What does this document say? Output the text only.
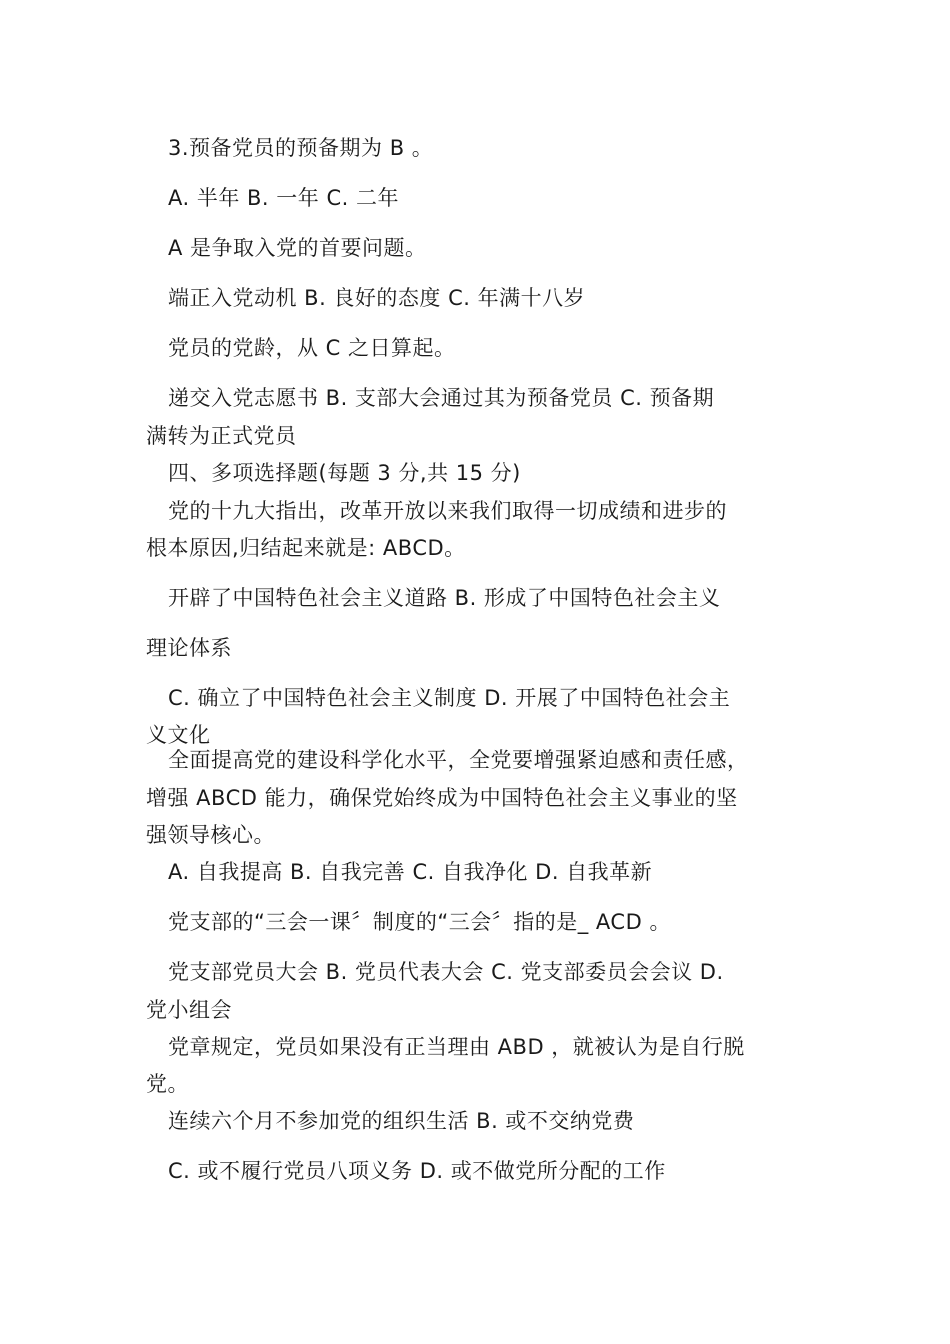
3.预备党员的预备期为 B 。
A. 半年 B. 一年 C. 二年
A 是争取入党的首要问题。
端正入党动机 B. 良好的态度 C. 年满十八岁
党员的党龄，从 C 之日算起。
递交入党志愿书 B. 支部大会通过其为预备党员 C. 预备期
满转为正式党员
四、多项选择题(每题 3 分,共 15 分)
党的十九大指出，改革开放以来我们取得一切成绩和进步的
根本原因,归结起来就是: ABCD。
开辟了中国特色社会主义道路 B. 形成了中国特色社会主义
理论体系
C. 确立了中国特色社会主义制度 D. 开展了中国特色社会主
义文化
全面提高党的建设科学化水平，全党要增强紧迫感和责任感，
增强 ABCD 能力，确保党始终成为中国特色社会主义事业的坚
强领导核心。
A. 自我提高 B. 自我完善 C. 自我净化 D. 自我革新
党支部的“三会一课〞制度的“三会〞指的是_ ACD 。
党支部党员大会 B. 党员代表大会 C. 党支部委员会会议 D.
党小组会
党章规定，党员如果没有正当理由 ABD ，就被认为是自行脱
党。
连续六个月不参加党的组织生活 B. 或不交纳党费
C. 或不履行党员八项义务 D. 或不做党所分配的工作
